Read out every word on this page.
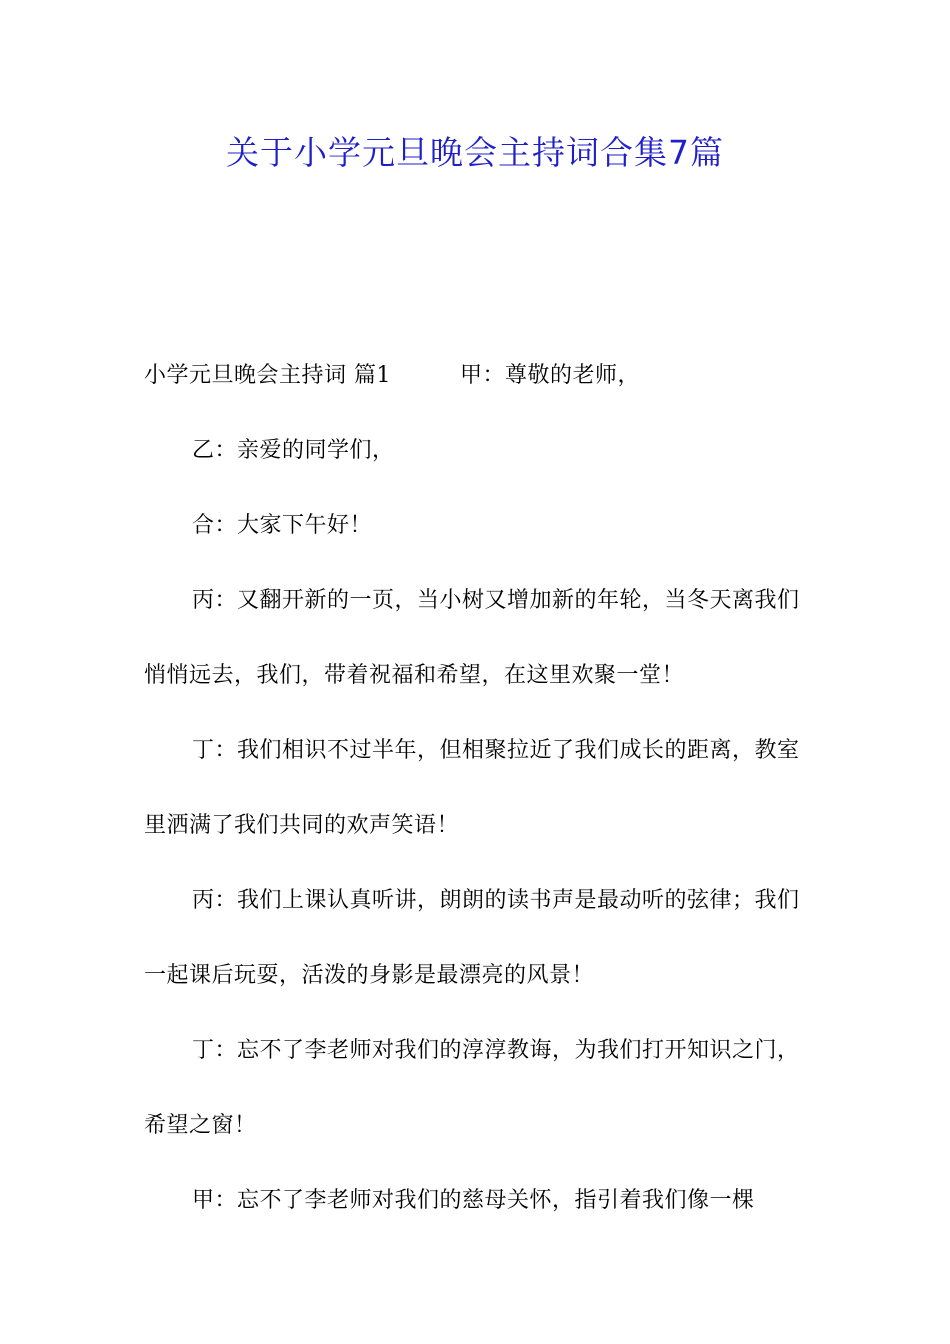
关于小学元旦晚会主持词合集7篇

小学元旦晚会主持词 篇1	甲：尊敬的老师，

乙：亲爱的同学们，

合：大家下午好！

丙：又翻开新的一页，当小树又增加新的年轮，当冬天离我们悄悄远去，我们，带着祝福和希望，在这里欢聚一堂！

丁：我们相识不过半年，但相聚拉近了我们成长的距离，教室里洒满了我们共同的欢声笑语！

丙：我们上课认真听讲，朗朗的读书声是最动听的弦律；我们一起课后玩耍，活泼的身影是最漂亮的风景！

丁：忘不了李老师对我们的淳淳教诲，为我们打开知识之门，希望之窗！

甲：忘不了李老师对我们的慈母关怀，指引着我们像一棵
